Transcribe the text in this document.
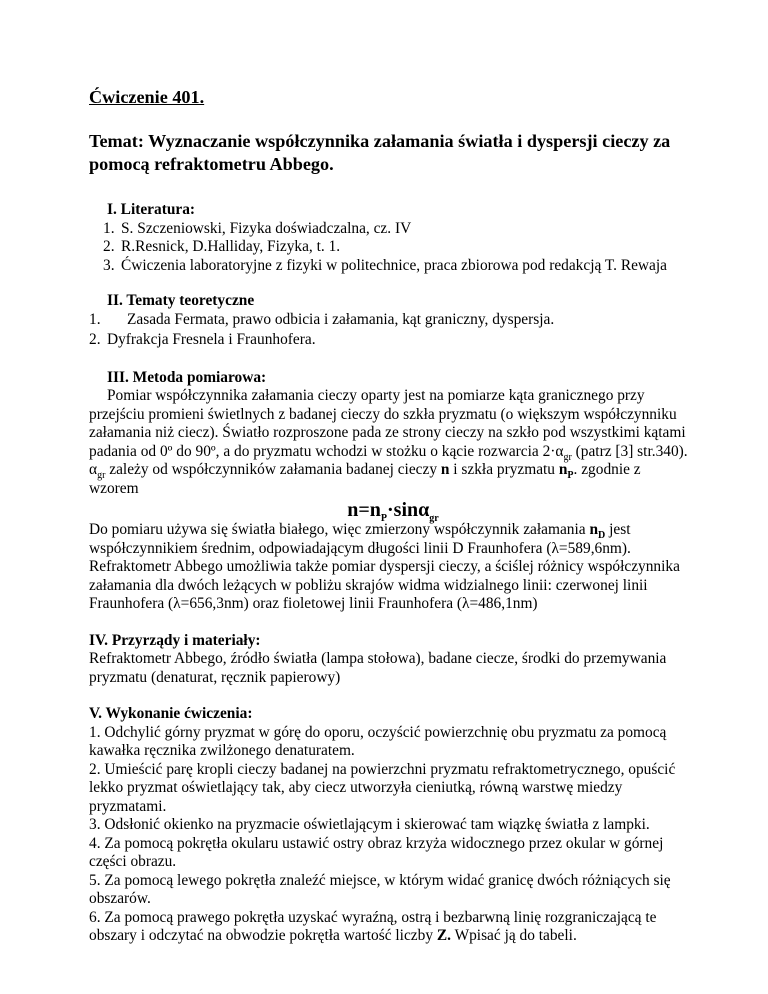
Ćwiczenie 401.

Temat: Wyznaczanie współczynnika załamania światła i dyspersji cieczy za pomocą refraktometru Abbego.

I. Literatura:

1. S. Szczeniowski, Fizyka doświadczalna, cz. IV
2. R.Resnick, D.Halliday, Fizyka, t. 1.
3. Ćwiczenia laboratoryjne z fizyki w politechnice, praca zbiorowa pod redakcją T. Rewaja

II. Tematy teoretyczne

1. Zasada Fermata, prawo odbicia i załamania, kąt graniczny, dyspersja.
2. Dyfrakcja Fresnela i Fraunhofera.

III. Metoda pomiarowa:

Pomiar współczynnika załamania cieczy oparty jest na pomiarze kąta granicznego przy przejściu promieni świetlnych z badanej cieczy do szkła pryzmatu (o większym współczynniku załamania niż ciecz). Światło rozproszone pada ze strony cieczy na szkło pod wszystkimi kątami padania od 0º do 90º, a do pryzmatu wchodzi w stożku o kącie rozwarcia $2\cdot\alpha_{gr}$ (patrz [3] str.340). $\alpha_{gr}$ zależy od współczynników załamania badanej cieczy n i szkła pryzmatu $n_P$. zgodnie z wzorem

$n=n_P\cdot\sin\alpha_{gr}$

Do pomiaru używa się światła białego, więc zmierzony współczynnik załamania $n_D$ jest współczynnikiem średnim, odpowiadającym długości linii D Fraunhofera (λ=589,6nm). Refraktometr Abbego umożliwia także pomiar dyspersji cieczy, a ściślej różnicy współczynnika załamania dla dwóch leżących w pobliżu skrajów widma widzialnego linii: czerwonej linii Fraunhofera (λ=656,3nm) oraz fioletowej linii Fraunhofera (λ=486,1nm)

IV. Przyrządy i materiały:

Refraktometr Abbego, źródło światła (lampa stołowa), badane ciecze, środki do przemywania pryzmatu (denaturat, ręcznik papierowy)

V. Wykonanie ćwiczenia:

1. Odchylić górny pryzmat w górę do oporu, oczyścić powierzchnię obu pryzmatu za pomocą kawałka ręcznika zwilżonego denaturatem.

2. Umieścić parę kropli cieczy badanej na powierzchni pryzmatu refraktometrycznego, opuścić lekko pryzmat oświetlający tak, aby ciecz utworzyła cieniutką, równą warstwę miedzy pryzmatami.

3. Odsłonić okienko na pryzmacie oświetlającym i skierować tam wiązkę światła z lampki.

4. Za pomocą pokrętła okularu ustawić ostry obraz krzyża widocznego przez okular w górnej części obrazu.

5. Za pomocą lewego pokrętła znaleźć miejsce, w którym widać granicę dwóch różniących się obszarów.

6. Za pomocą prawego pokrętła uzyskać wyraźną, ostrą i bezbarwną linię rozgraniczającą te obszary i odczytać na obwodzie pokrętła wartość liczby Z. Wpisać ją do tabeli.
